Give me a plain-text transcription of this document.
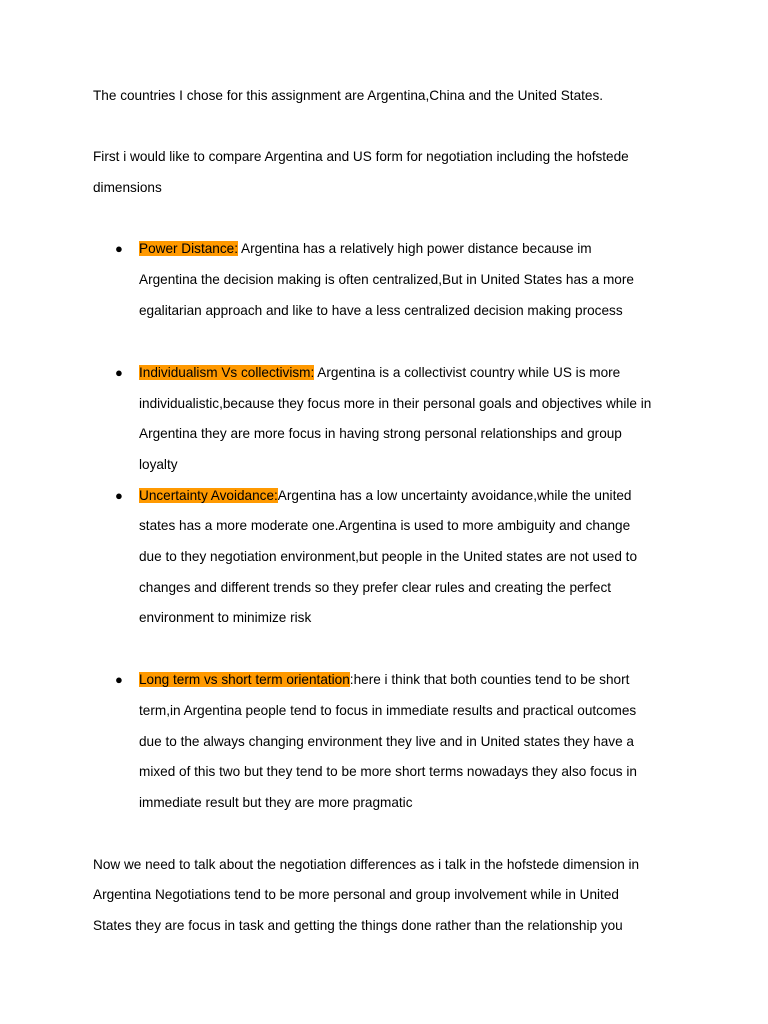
The countries I chose for this assignment are Argentina,China and the United States.
First i would like to compare Argentina and US form for negotiation including the hofstede
dimensions
● Power Distance: Argentina has a relatively high power distance because im
Argentina the decision making is often centralized,But in United States has a more
egalitarian approach and like to have a less centralized decision making process
● Individualism Vs collectivism: Argentina is a collectivist country while US is more
individualistic,because they focus more in their personal goals and objectives while in
Argentina they are more focus in having strong personal relationships and group
loyalty
● Uncertainty Avoidance:Argentina has a low uncertainty avoidance,while the united
states has a more moderate one.Argentina is used to more ambiguity and change
due to they negotiation environment,but people in the United states are not used to
changes and different trends so they prefer clear rules and creating the perfect
environment to minimize risk
● Long term vs short term orientation:here i think that both counties tend to be short
term,in Argentina people tend to focus in immediate results and practical outcomes
due to the always changing environment they live and in United states they have a
mixed of this two but they tend to be more short terms nowadays they also focus in
immediate result but they are more pragmatic
Now we need to talk about the negotiation differences as i talk in the hofstede dimension in
Argentina Negotiations tend to be more personal and group involvement while in United
States they are focus in task and getting the things done rather than the relationship you
